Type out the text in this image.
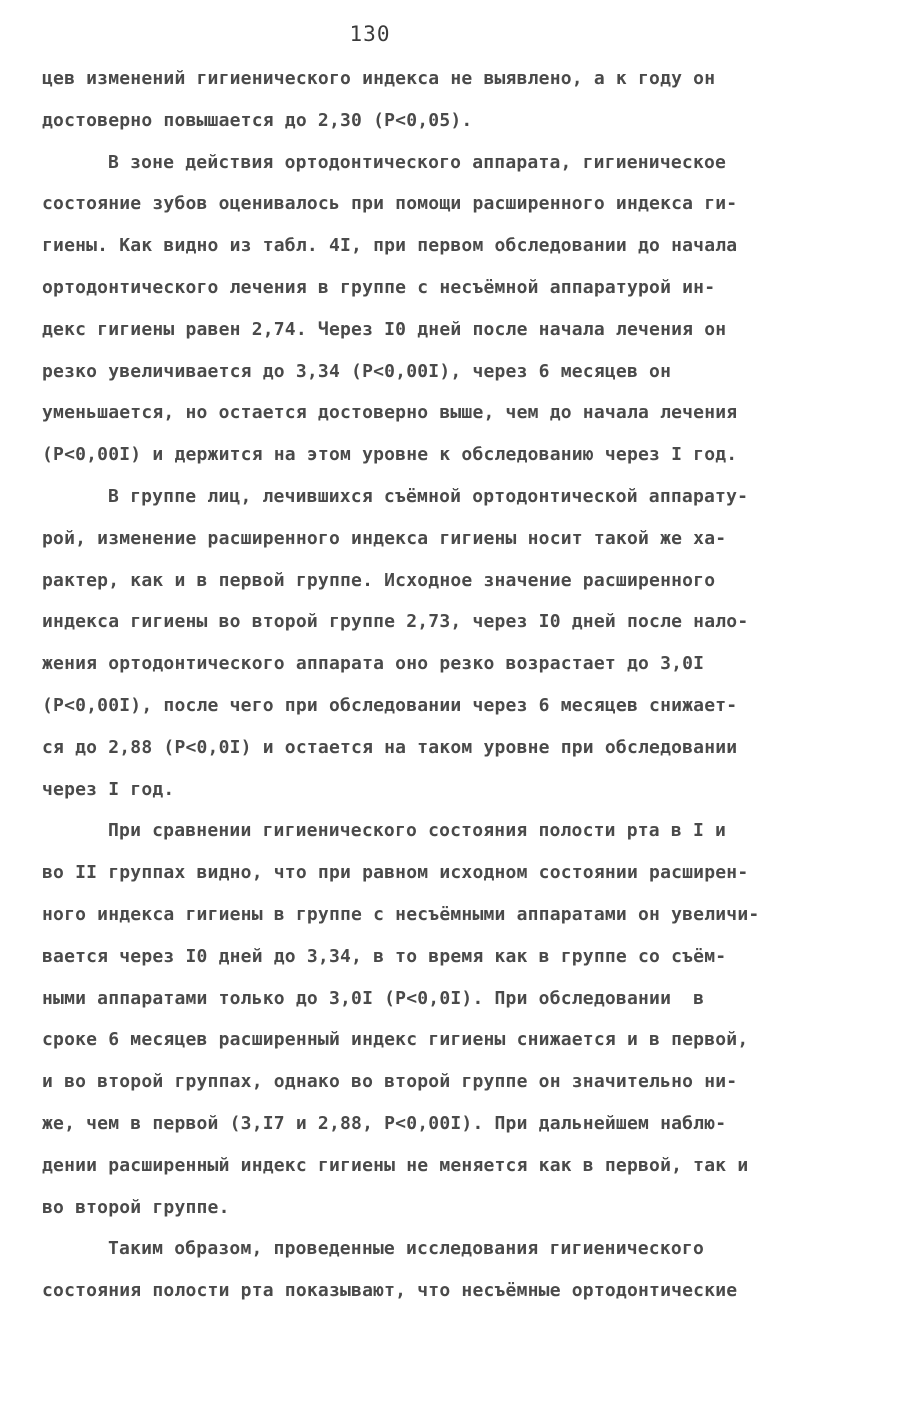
130
цев изменений гигиенического индекса не выявлено, а к году он
достоверно повышается до 2,30 (P<0,05).
В зоне действия ортодонтического аппарата, гигиеническое
состояние зубов оценивалось при помощи расширенного индекса ги-
гиены. Как видно из табл. 4I, при первом обследовании до начала
ортодонтического лечения в группе с несъёмной аппаратурой ин-
декс гигиены равен 2,74. Через I0 дней после начала лечения он
резко увеличивается до 3,34 (P<0,00I), через 6 месяцев он
уменьшается, но остается достоверно выше, чем до начала лечения
(P<0,00I) и держится на этом уровне к обследованию через I год.
В группе лиц, лечившихся съёмной ортодонтической аппарату-
рой, изменение расширенного индекса гигиены носит такой же ха-
рактер, как и в первой группе. Исходное значение расширенного
индекса гигиены во второй группе 2,73, через I0 дней после нало-
жения ортодонтического аппарата оно резко возрастает до 3,0I
(P<0,00I), после чего при обследовании через 6 месяцев снижает-
ся до 2,88 (P<0,0I) и остается на таком уровне при обследовании
через I год.
При сравнении гигиенического состояния полости рта в I и
во II группах видно, что при равном исходном состоянии расширен-
ного индекса гигиены в группе с несъёмными аппаратами он увеличи-
вается через I0 дней до 3,34, в то время как в группе со съём-
ными аппаратами только до 3,0I (P<0,0I). При обследовании  в
сроке 6 месяцев расширенный индекс гигиены снижается и в первой,
и во второй группах, однако во второй группе он значительно ни-
же, чем в первой (3,I7 и 2,88, P<0,00I). При дальнейшем наблю-
дении расширенный индекс гигиены не меняется как в первой, так и
во второй группе.
Таким образом, проведенные исследования гигиенического
состояния полости рта показывают, что несъёмные ортодонтические
